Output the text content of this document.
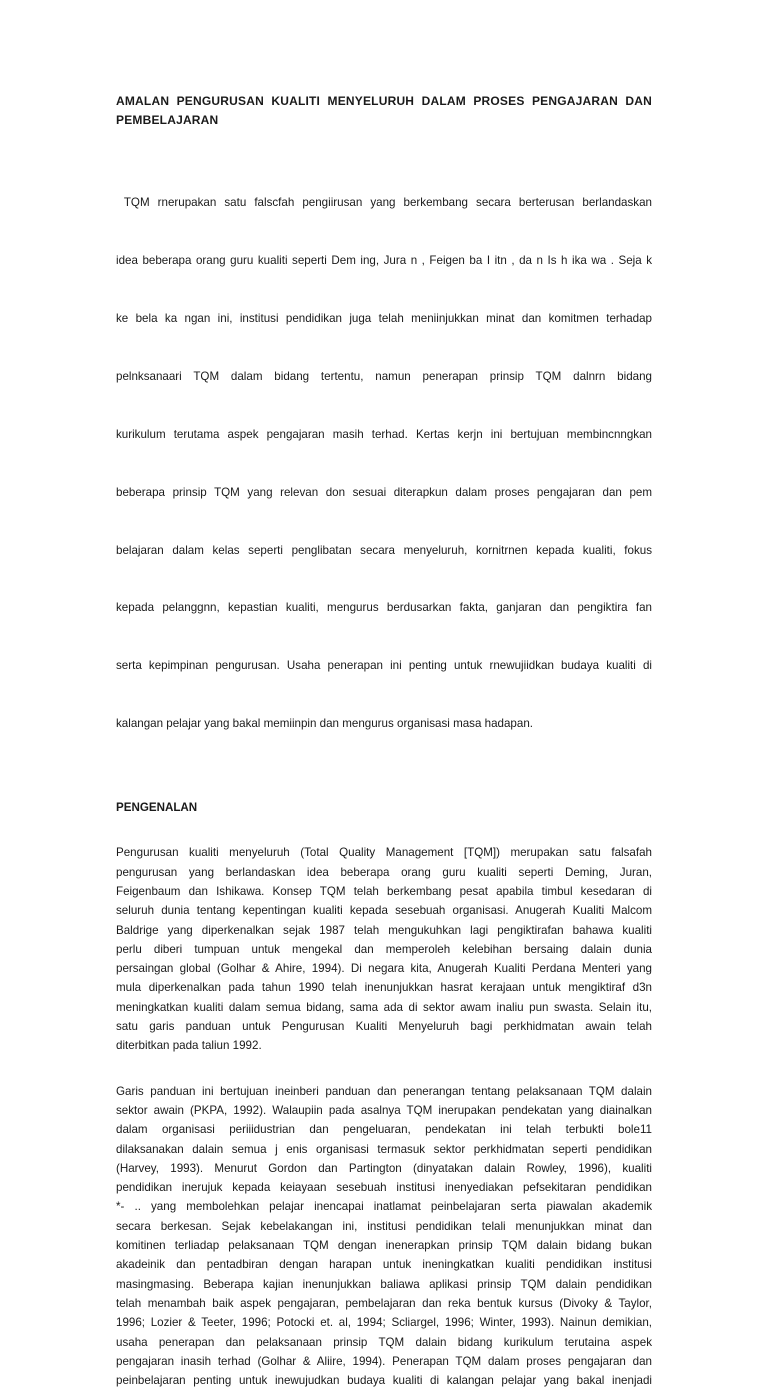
AMALAN PENGURUSAN KUALITI MENYELURUH DALAM PROSES PENGAJARAN DAN
PEMBELAJARAN

TQM rnerupakan satu falscfah pengiirusan yang berkembang secara berterusan berlandaskan

idea beberapa orang guru kualiti seperti Dem ing, Jura n , Feigen ba I itn , da n Is h ika wa . Seja k

ke bela ka ngan ini, institusi pendidikan juga telah meniinjukkan minat dan komitmen terhadap

pelnksanaari TQM dalam bidang tertentu, namun penerapan prinsip TQM dalnrn bidang

kurikulum terutama aspek pengajaran masih terhad. Kertas kerjn ini bertujuan membincnngkan

beberapa prinsip TQM yang relevan don sesuai diterapkun dalam proses pengajaran dan pem

belajaran dalam kelas seperti penglibatan secara menyeluruh, kornitrnen kepada kualiti, fokus

kepada pelanggnn, kepastian kualiti, mengurus berdusarkan fakta, ganjaran dan pengiktira fan

serta kepimpinan pengurusan. Usaha penerapan ini penting untuk rnewujiidkan budaya kualiti di

kalangan pelajar yang bakal memiinpin dan mengurus organisasi masa hadapan.

PENGENALAN
Pengurusan kualiti menyeluruh (Total Quality Management [TQM]) merupakan satu falsafah
pengurusan yang berlandaskan idea beberapa orang guru kualiti seperti Deming, Juran,
Feigenbaum dan Ishikawa. Konsep TQM telah berkembang pesat apabila timbul kesedaran di
seluruh dunia tentang kepentingan kualiti kepada sesebuah organisasi. Anugerah Kualiti Malcom
Baldrige yang diperkenalkan sejak 1987 telah mengukuhkan lagi pengiktirafan bahawa kualiti
perlu diberi tumpuan untuk mengekal dan memperoleh kelebihan bersaing dalain dunia
persaingan global (Golhar & Ahire, 1994). Di negara kita, Anugerah Kualiti Perdana Menteri yang
mula diperkenalkan pada tahun 1990 telah inenunjukkan hasrat kerajaan untuk mengiktiraf d3n
meningkatkan kualiti dalam semua bidang, sama ada di sektor awam inaliu pun swasta. Selain itu,
satu garis panduan untuk Pengurusan Kualiti Menyeluruh bagi perkhidmatan awain telah
diterbitkan pada taliun 1992.
Garis panduan ini bertujuan ineinberi panduan dan penerangan tentang pelaksanaan TQM dalain
sektor awain (PKPA, 1992). Walaupiin pada asalnya TQM inerupakan pendekatan yang diainalkan
dalam organisasi periiidustrian dan pengeluaran, pendekatan ini telah terbukti bole11
dilaksanakan dalain semua j enis organisasi termasuk sektor perkhidmatan seperti pendidikan
(Harvey, 1993). Menurut Gordon dan Partington (dinyatakan dalain Rowley, 1996), kualiti
pendidikan inerujuk kepada keiayaan sesebuah institusi inenyediakan pefsekitaran pendidikan
*- .. yang membolehkan pelajar inencapai inatlamat peinbelajaran serta piawalan akademik
secara berkesan. Sejak kebelakangan ini, institusi pendidikan telali menunjukkan minat dan
komitinen terliadap pelaksanaan TQM dengan inenerapkan prinsip TQM dalain bidang bukan
akadeinik dan pentadbiran dengan harapan untuk ineningkatkan kualiti pendidikan institusi
masingmasing. Beberapa kajian inenunjukkan baliawa aplikasi prinsip TQM dalain pendidikan
telah menambah baik aspek pengajaran, pembelajaran dan reka bentuk kursus (Divoky & Taylor,
1996; Lozier & Teeter, 1996; Potocki et. al, 1994; Scliargel, 1996; Winter, 1993). Nainun demikian,
usaha penerapan dan pelaksanaan prinsip TQM dalain bidang kurikulum terutaina aspek
pengajaran inasih terhad (Golhar & Aliire, 1994). Penerapan TQM dalam proses pengajaran dan
peinbelajaran penting untuk inewujudkan budaya kualiti di kalangan pelajar yang bakal inenjadi
